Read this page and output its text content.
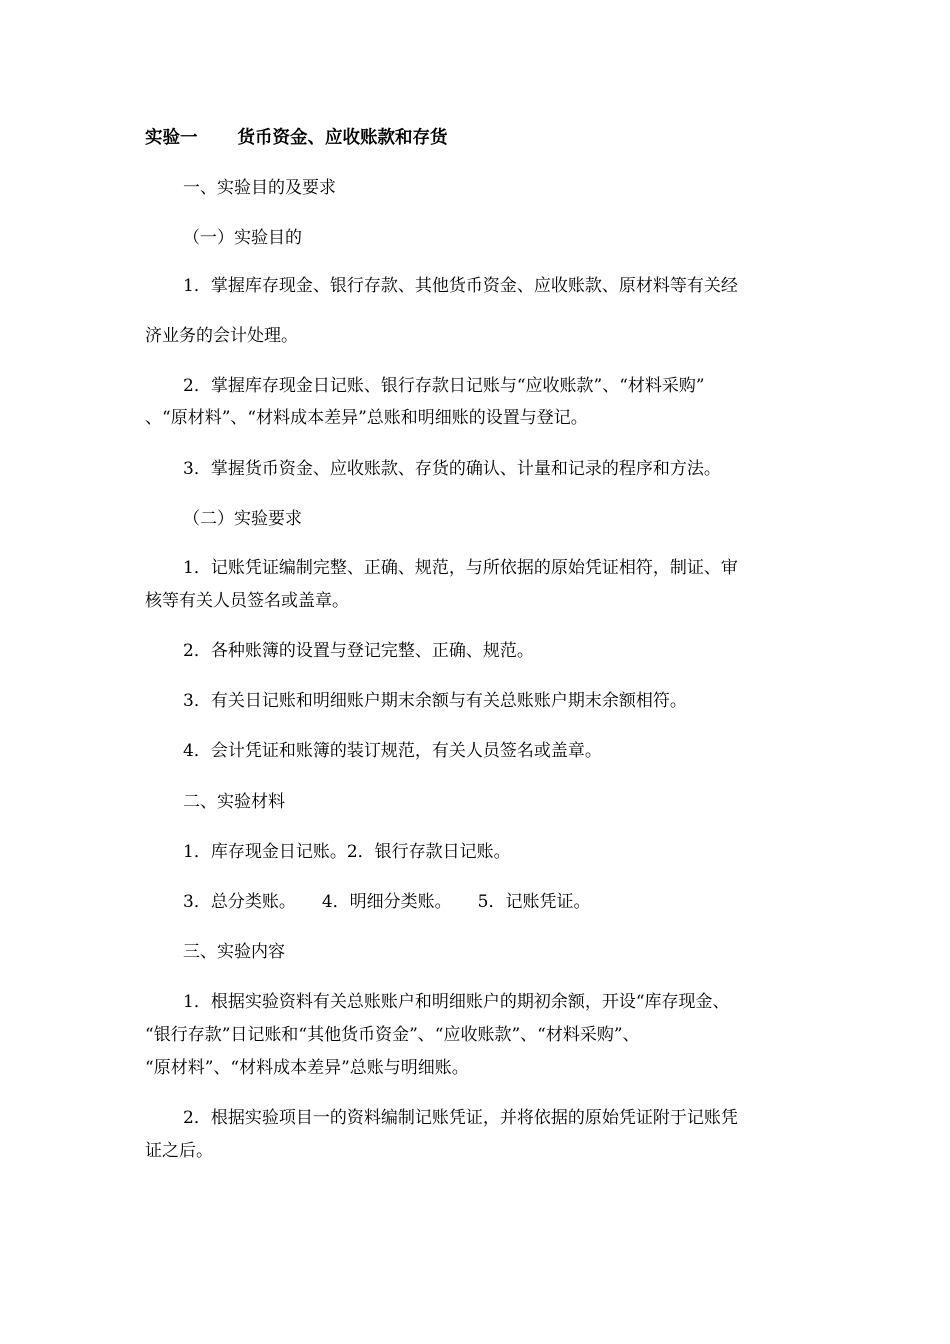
实验一 货币资金、应收账款和存货
一、实验目的及要求
（一）实验目的
1．掌握库存现金、银行存款、其他货币资金、应收账款、原材料等有关经
济业务的会计处理。
2．掌握库存现金日记账、银行存款日记账与“应收账款”、“材料采购”
、“原材料”、“材料成本差异”总账和明细账的设置与登记。
3．掌握货币资金、应收账款、存货的确认、计量和记录的程序和方法。
（二）实验要求
1．记账凭证编制完整、正确、规范，与所依据的原始凭证相符，制证、审
核等有关人员签名或盖章。
2．各种账簿的设置与登记完整、正确、规范。
3．有关日记账和明细账户期末余额与有关总账账户期末余额相符。
4．会计凭证和账簿的装订规范，有关人员签名或盖章。
二、实验材料
1．库存现金日记账。2．银行存款日记账。
3．总分类账。 4．明细分类账。 5．记账凭证。
三、实验内容
1．根据实验资料有关总账账户和明细账户的期初余额，开设“库存现金、
“银行存款”日记账和“其他货币资金”、“应收账款”、“材料采购”、
“原材料”、“材料成本差异”总账与明细账。
2．根据实验项目一的资料编制记账凭证，并将依据的原始凭证附于记账凭
证之后。
